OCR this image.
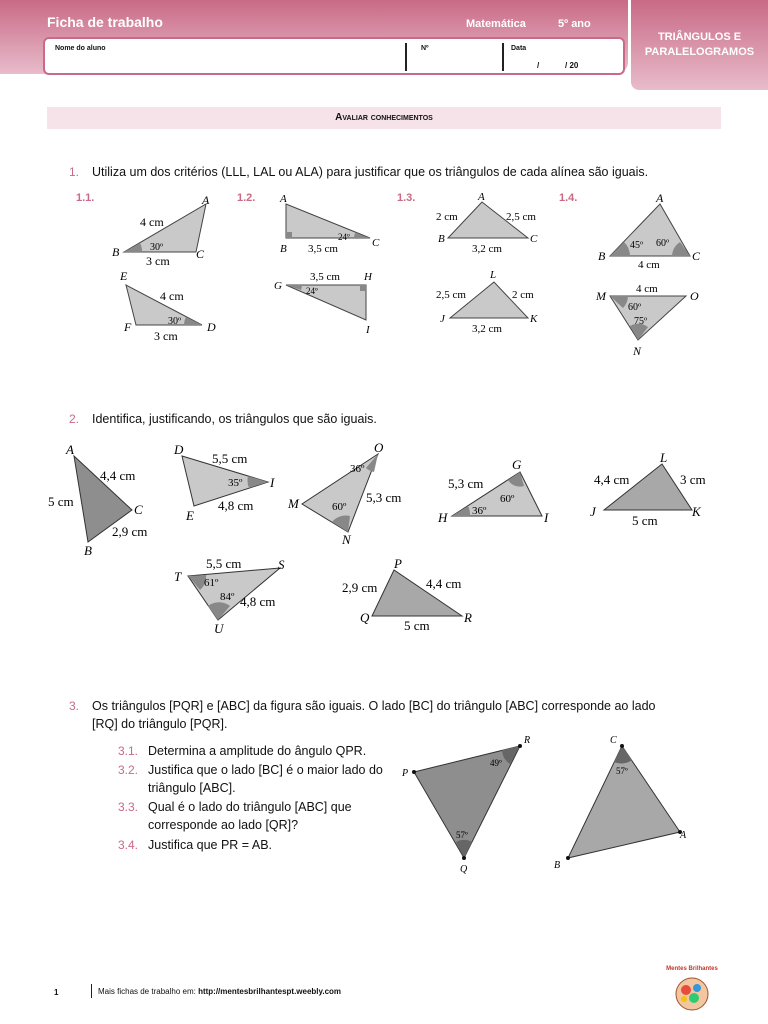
Ficha de trabalho	Matemática	5º ano
Nome do aluno	Nº	Data
/	/ 20
TRIÂNGULOS E
PARALELOGRAMOS
Avaliar conhecimentos
1. Utiliza um dos critérios (LLL, LAL ou ALA) para justificar que os triângulos de cada alínea são iguais.
1.1.	1.2.	1.3.	1.4.
A
B	C
4 cm
3 cm
30º
E
F	D
4 cm
3 cm
30º
A
B	C
3,5 cm
24º
G
H
I
3,5 cm
24º
A
B	C
2 cm	2,5 cm
3,2 cm
L
J	K
2,5 cm	2 cm
3,2 cm
A
B	C
45º 60º
4 cm
M	O
N
4 cm
60º
75º
2. Identifica, justificando, os triângulos que são iguais.
A
C
B
4,4 cm
5 cm
2,9 cm
D
I
E
5,5 cm
35º
4,8 cm
O
M
N
36º
60º
5,3 cm
G
H	I
5,3 cm
60º
36º
L
J	K
4,4 cm	3 cm
5 cm
T
S
U
5,5 cm
61º
84º 4,8 cm
P
Q	R
2,9 cm	4,4 cm
5 cm
3. Os triângulos [PQR] e [ABC] da figura são iguais. O lado [BC] do triângulo [ABC] corresponde ao lado
[RQ] do triângulo [PQR].
3.1. Determina a amplitude do ângulo QPR.
3.2. Justifica que o lado [BC] é o maior lado do
triângulo [ABC].
3.3. Qual é o lado do triângulo [ABC] que
corresponde ao lado [QR]?
3.4. Justifica que PR = AB.
P
R
Q
49º
57º
C
A
B
57º
1	Mais fichas de trabalho em: http://mentesbrilhantespt.weebly.com
Mentes Brilhantes
